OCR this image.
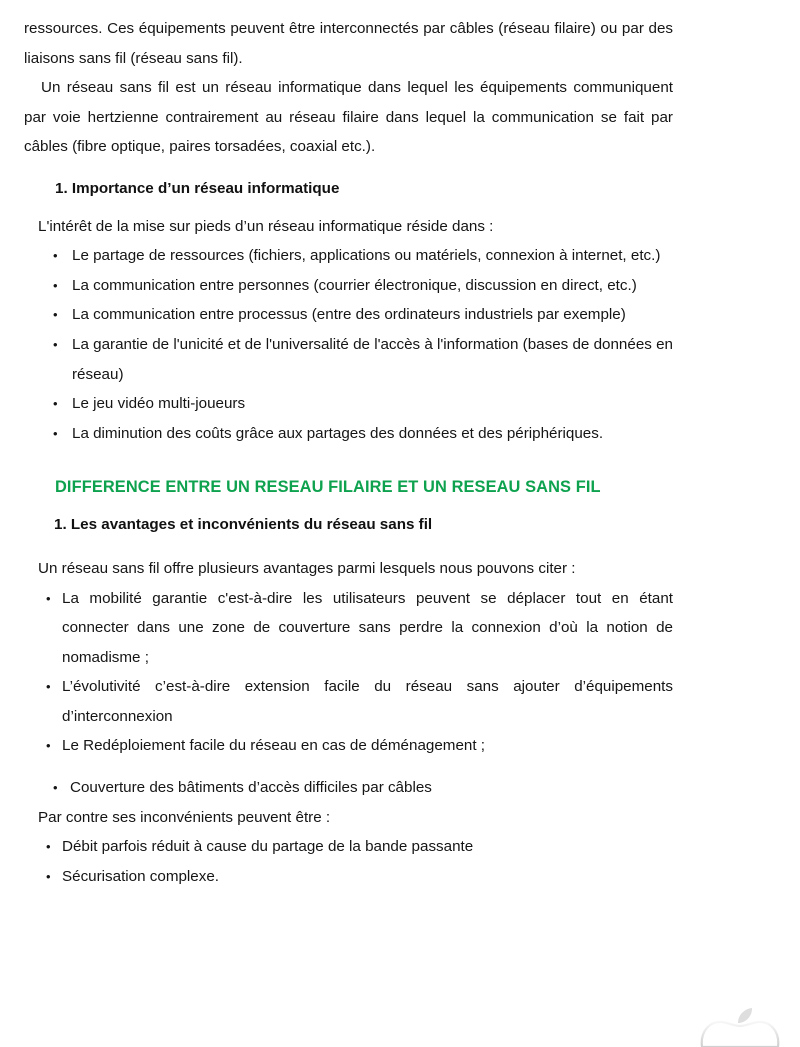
ressources. Ces équipements peuvent être interconnectés par câbles (réseau filaire) ou par des liaisons sans fil (réseau sans fil).

Un réseau sans fil est un réseau informatique dans lequel les équipements communiquent par voie hertzienne contrairement au réseau filaire dans lequel la communication se fait par câbles (fibre optique, paires torsadées, coaxial etc.).

1. Importance d’un réseau informatique

L'intérêt de la mise sur pieds d’un réseau informatique réside dans :

• Le partage de ressources (fichiers, applications ou matériels, connexion à internet, etc.)
• La communication entre personnes (courrier électronique, discussion en direct, etc.)
• La communication entre processus (entre des ordinateurs industriels par exemple)
• La garantie de l'unicité et de l'universalité de l'accès à l'information (bases de données en réseau)
• Le jeu vidéo multi-joueurs
• La diminution des coûts grâce aux partages des données et des périphériques.
DIFFERENCE ENTRE UN RESEAU FILAIRE ET UN RESEAU SANS FIL
1. Les avantages et inconvénients du réseau sans fil

Un réseau sans fil offre plusieurs avantages parmi lesquels nous pouvons citer :

• La mobilité garantie c'est-à-dire les utilisateurs peuvent se déplacer tout en étant connecter dans une zone de couverture sans perdre la connexion d’où la notion de nomadisme ;
• L’évolutivité c’est-à-dire extension facile du réseau sans ajouter d’équipements d’interconnexion
• Le Redéploiement facile du réseau en cas de déménagement ;
• Couverture des bâtiments d’accès difficiles par câbles

Par contre ses inconvénients peuvent être :

• Débit parfois réduit à cause du partage de la bande passante
• Sécurisation complexe.
